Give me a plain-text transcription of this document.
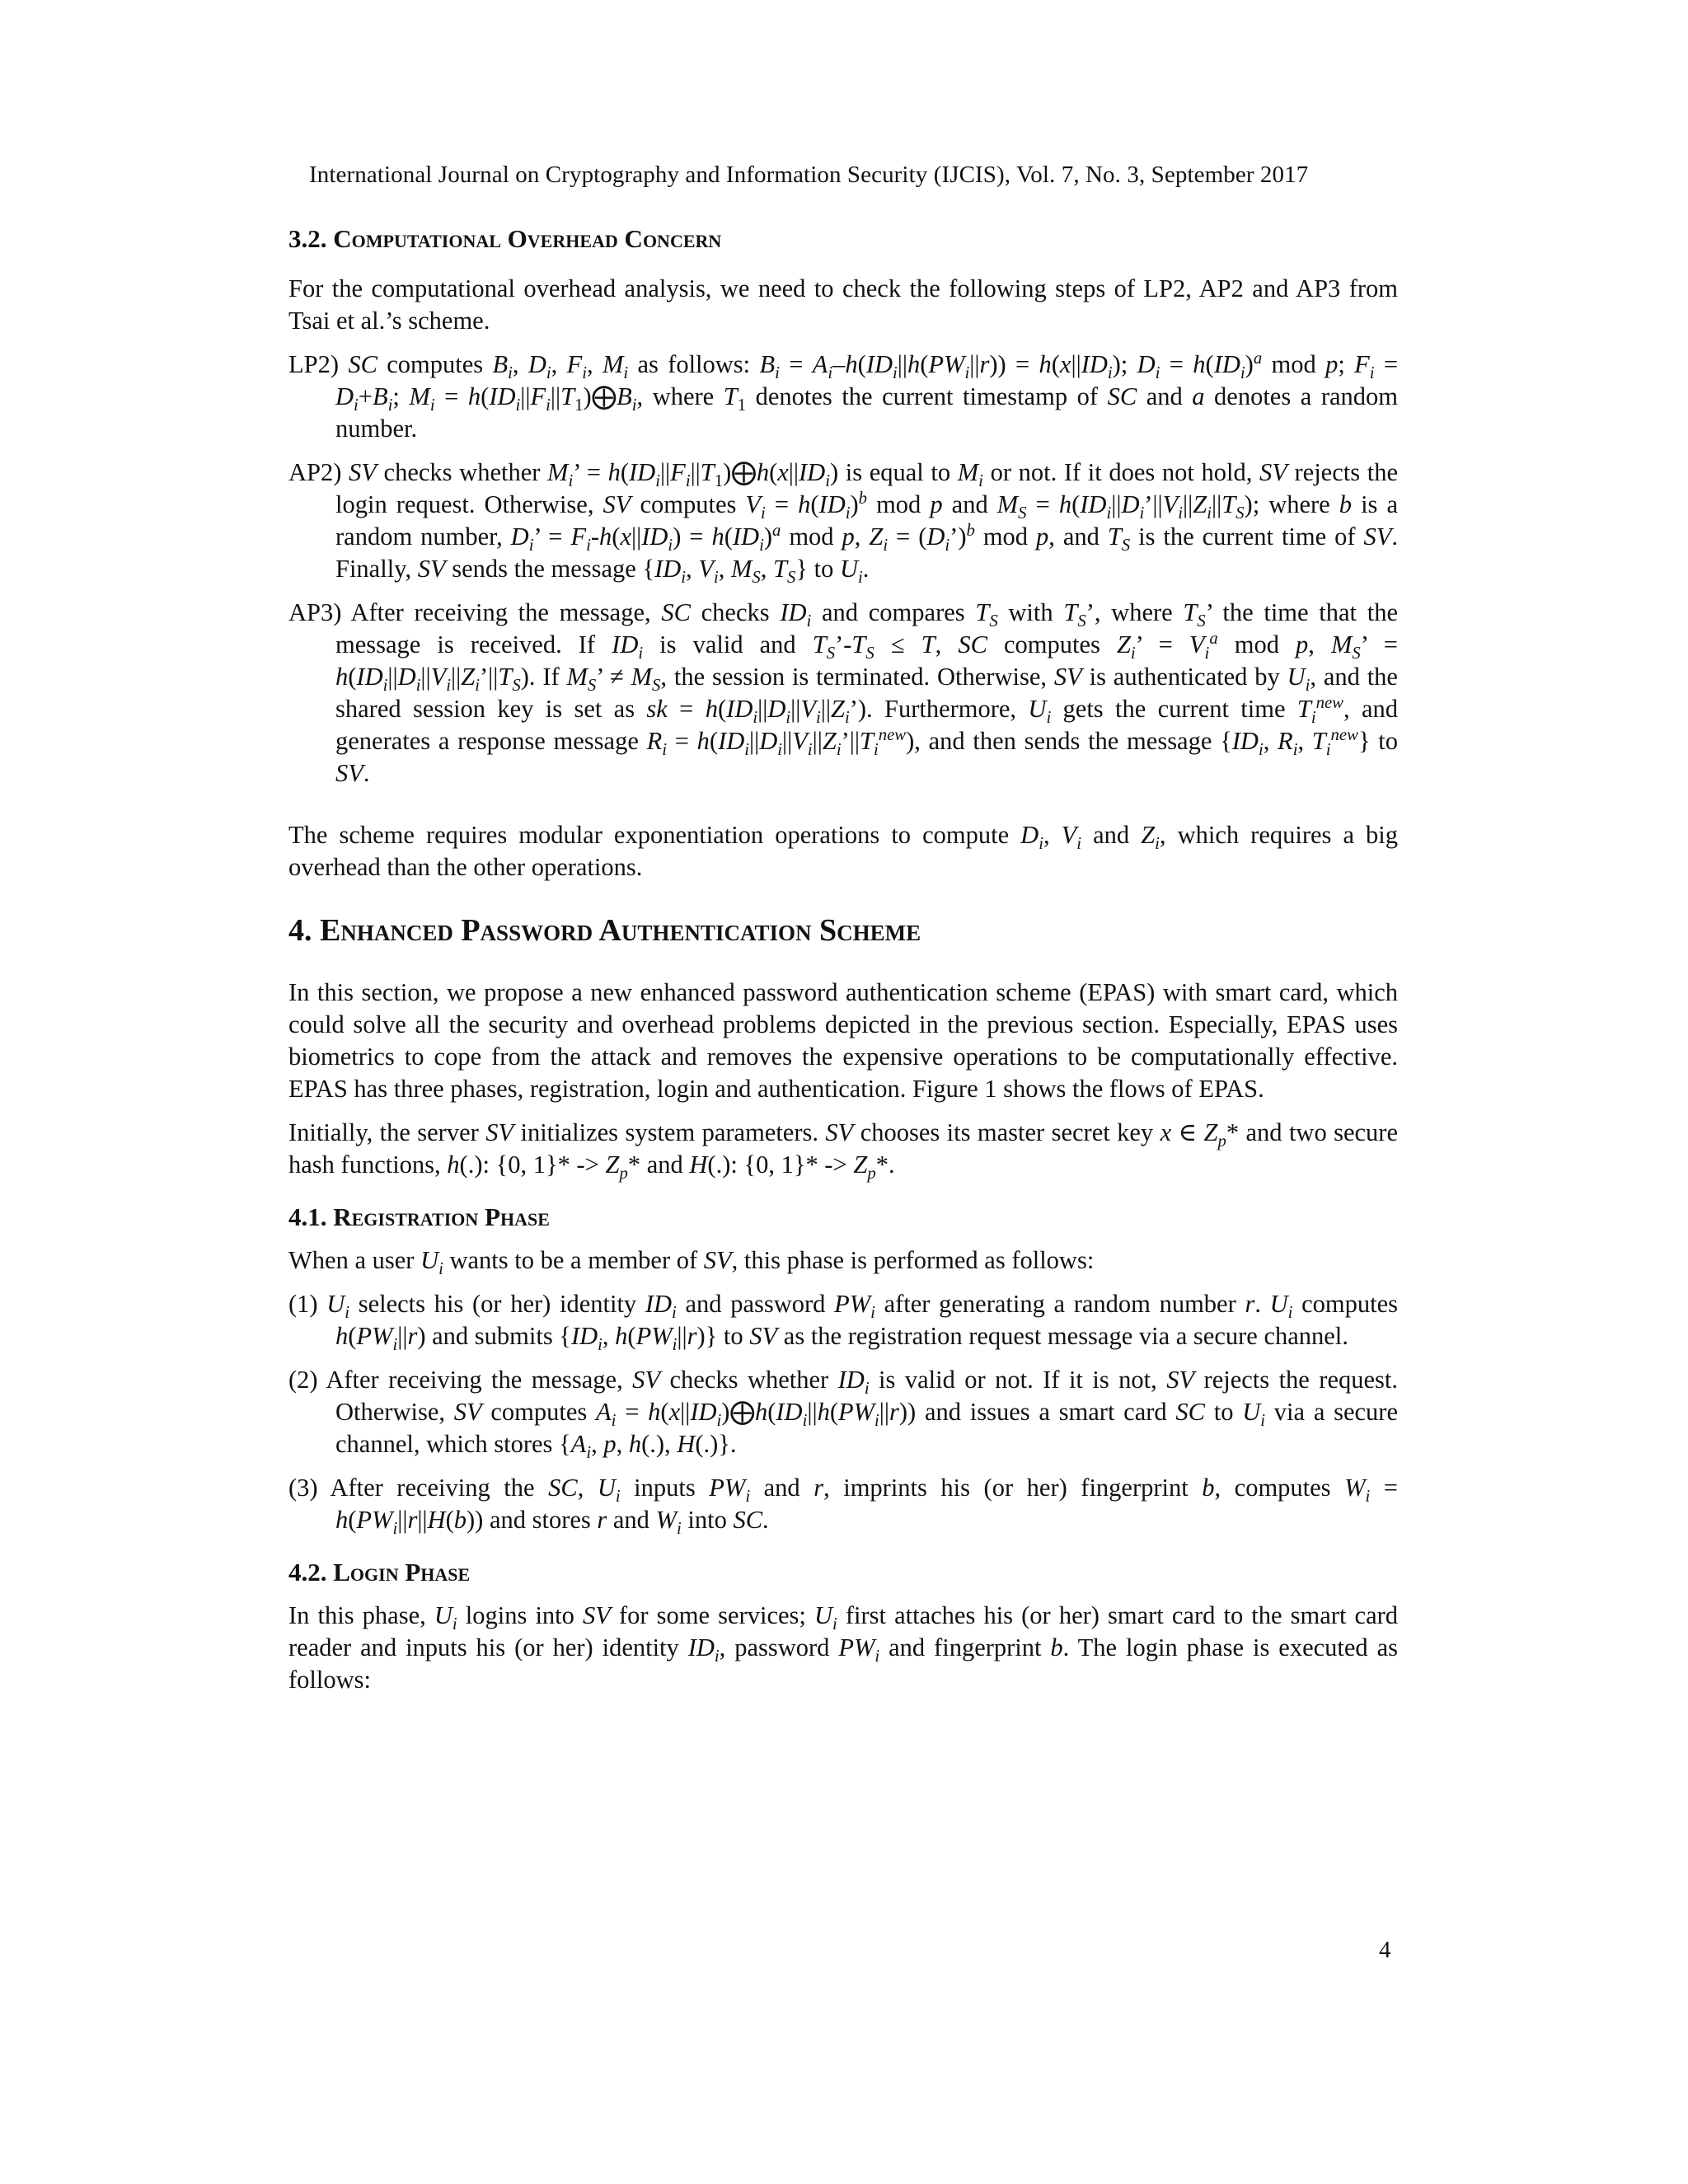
International Journal on Cryptography and Information Security (IJCIS), Vol. 7, No. 3, September 2017
3.2. Computational Overhead Concern

For the computational overhead analysis, we need to check the following steps of LP2, AP2 and AP3 from Tsai et al.’s scheme.

LP2) SC computes $B_i$, $D_i$, $F_i$, $M_i$ as follows: $B_i = A_i-h(ID_i||h(PW_i||r)) = h(x||ID_i)$; $D_i = h(ID_i)^a$ mod p; $F_i = D_i+B_i$; $M_i$ = $h(ID_i||F_i||T_1)⨁B_i$, where $T_1$ denotes the current timestamp of SC and a denotes a random number.

AP2) SV checks whether $M_i$’ = $h(ID_i||F_i||T_1)⨁h(x||ID_i)$ is equal to $M_i$ or not. If it does not hold, SV rejects the login request. Otherwise, SV computes $V_i = h(ID_i)^b$ mod p and $M_S$ = $h(ID_i||D_i’||V_i||Z_i||T_S)$; where b is a random number, $D_i$’ = $F_i-h(x||ID_i) = h(ID_i)^a$ mod p, $Z_i$ = $(D_i’)^b$ mod p, and $T_S$ is the current time of SV. Finally, SV sends the message {$ID_i$, $V_i$, $M_S$, $T_S$} to $U_i$.

AP3) After receiving the message, SC checks $ID_i$ and compares $T_S$ with $T_S$’, where $T_S$’ the time that the message is received. If $ID_i$ is valid and $T_S’-T_S \le T$, SC computes $Z_i$’ = $V_i^a$ mod p, $M_S$’ = $h(ID_i||D_i||V_i||Z_i’||T_S)$. If $M_S$’ ≠ $M_S$, the session is terminated. Otherwise, SV is authenticated by $U_i$, and the shared session key is set as sk = $h(ID_i||D_i||V_i||Z_i’)$. Furthermore, $U_i$ gets the current time $T_i^{new}$, and generates a response message $R_i$ = $h(ID_i||D_i||V_i||Z_i’||T_i^{new})$, and then sends the message {$ID_i$, $R_i$, $T_i^{new}$} to SV.

The scheme requires modular exponentiation operations to compute $D_i$, $V_i$ and $Z_i$, which requires a big overhead than the other operations.

4. Enhanced Password Authentication Scheme

In this section, we propose a new enhanced password authentication scheme (EPAS) with smart card, which could solve all the security and overhead problems depicted in the previous section. Especially, EPAS uses biometrics to cope from the attack and removes the expensive operations to be computationally effective. EPAS has three phases, registration, login and authentication. Figure 1 shows the flows of EPAS.

Initially, the server SV initializes system parameters. SV chooses its master secret key x ∈ $Z_p*$ and two secure hash functions, h(.): {0, $1\}* -> Z_p*$ and H(.): {0, $1\}* -> Z_p*$.

4.1. Registration Phase

When a user $U_i$ wants to be a member of SV, this phase is performed as follows:

(1) $U_i$ selects his (or her) identity $ID_i$ and password $PW_i$ after generating a random number r. $U_i$ computes $h(PW_i||r)$ and submits {$ID_i$, $h(PW_i||r)$} to SV as the registration request message via a secure channel.

(2) After receiving the message, SV checks whether $ID_i$ is valid or not. If it is not, SV rejects the request. Otherwise, SV computes $A_i$ = $h(x||ID_i)⨁h(ID_i||h(PW_i||r))$ and issues a smart card SC to $U_i$ via a secure channel, which stores {$A_i$, p, h(.), H(.)}.

(3) After receiving the SC, $U_i$ inputs $PW_i$ and r, imprints his (or her) fingerprint b, computes $W_i = h(PW_i||r||H(b))$ and stores r and $W_i$ into SC.

4.2. Login Phase

In this phase, $U_i$ logins into SV for some services; $U_i$ first attaches his (or her) smart card to the smart card reader and inputs his (or her) identity $ID_i$, password $PW_i$ and fingerprint b. The login phase is executed as follows:

4
